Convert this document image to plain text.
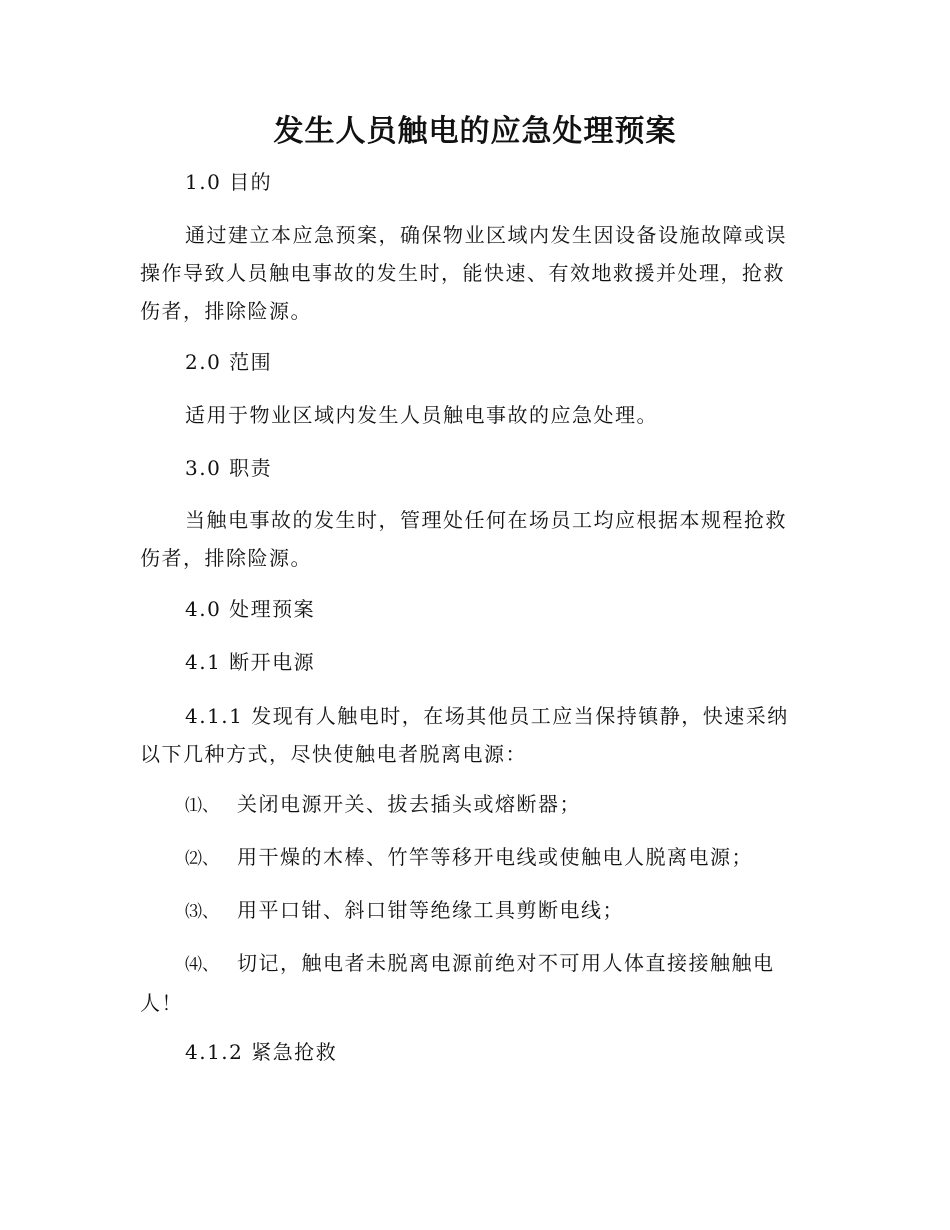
发生人员触电的应急处理预案
1.0 目的
通过建立本应急预案，确保物业区域内发生因设备设施故障或误操作导致人员触电事故的发生时，能快速、有效地救援并处理，抢救伤者，排除险源。
2.0 范围
适用于物业区域内发生人员触电事故的应急处理。
3.0 职责
当触电事故的发生时，管理处任何在场员工均应根据本规程抢救伤者，排除险源。
4.0 处理预案
4.1 断开电源
4.1.1 发现有人触电时，在场其他员工应当保持镇静，快速采纳以下几种方式，尽快使触电者脱离电源：
⑴、 关闭电源开关、拔去插头或熔断器；
⑵、 用干燥的木棒、竹竿等移开电线或使触电人脱离电源；
⑶、 用平口钳、斜口钳等绝缘工具剪断电线；
⑷、 切记，触电者未脱离电源前绝对不可用人体直接接触触电人！
4.1.2 紧急抢救
